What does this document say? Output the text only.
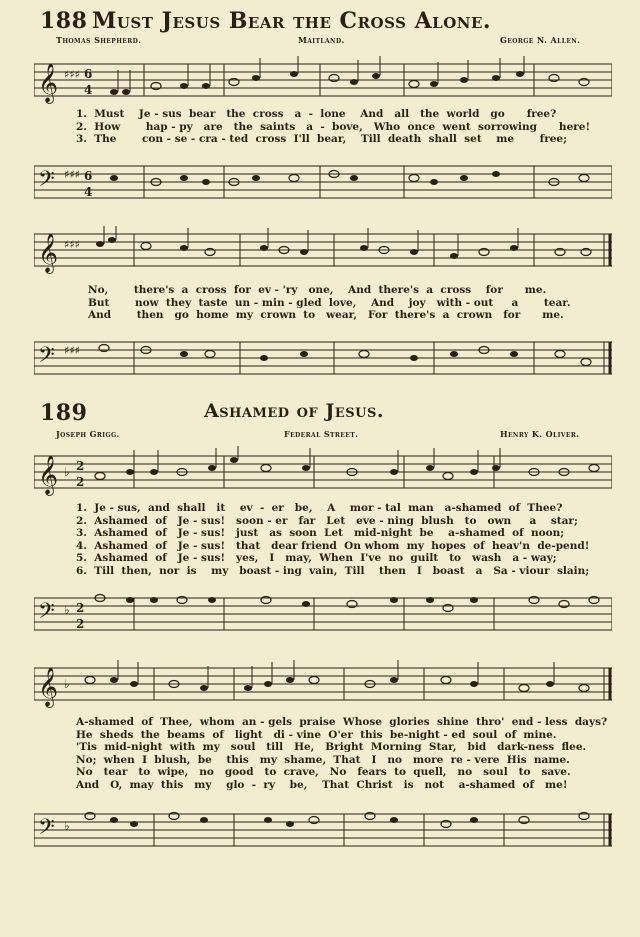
188 Must Jesus Bear the Cross Alone.
Thomas Shepherd.	Maitland.	George N. Allen.
𝄞 ♯♯♯ 6
4
1.  Must    Je - sus  bear   the  cross   a  -  lone    And   all   the  world   go      free?
2.  How       hap - py   are   the  saints   a  -  bove,   Who  once  went  sorrowing      here!
3.  The       con - se - cra - ted  cross  I'll  bear,    Till  death  shall  set    me       free;
𝄢 ♯♯♯ 6
4
𝄞 ♯♯♯
No,       there's  a  cross  for  ev - 'ry   one,    And  there's  a  cross    for      me.
But       now  they  taste  un - min - gled  love,    And    joy   with - out     a       tear.
And       then   go  home  my  crown  to   wear,   For  there's  a  crown   for      me.
𝄢 ♯♯♯
189	Ashamed of Jesus.
Joseph Grigg.	Federal Street.	Henry K. Oliver.
𝄞 ♭ 2
2
1.  Je - sus,  and  shall   it    ev  -  er   be,    A    mor - tal  man   a-shamed  of  Thee?
2.  Ashamed  of   Je - sus!   soon - er   far   Let   eve - ning  blush   to   own     a    star;
3.  Ashamed  of   Je - sus!   just   as  soon  Let   mid-night  be    a-shamed  of  noon;
4.  Ashamed  of   Je - sus!   that   dear friend  On whom  my  hopes  of  heav'n  de-pend!
5.  Ashamed  of   Je - sus!   yes,   I   may,  When  I've  no  guilt   to   wash   a - way;
6.  Till  then,  nor  is    my   boast - ing  vain,  Till    then   I   boast   a   Sa - viour  slain;
𝄢 ♭ 2
2
𝄞 ♭
A-shamed  of  Thee,  whom  an - gels  praise  Whose  glories  shine  thro'  end - less  days?
He  sheds  the  beams  of   light   di - vine  O'er  this  be-night - ed  soul  of  mine.
'Tis  mid-night  with  my   soul   till   He,   Bright  Morning  Star,   bid   dark-ness  flee.
No;  when  I  blush,  be    this   my  shame,  That   I   no   more  re - vere  His  name.
No   tear   to  wipe,   no   good   to  crave,   No   fears  to  quell,   no   soul   to   save.
And   O,  may  this   my    glo  -  ry    be,    That  Christ   is   not    a-shamed  of   me!
𝄢 ♭
